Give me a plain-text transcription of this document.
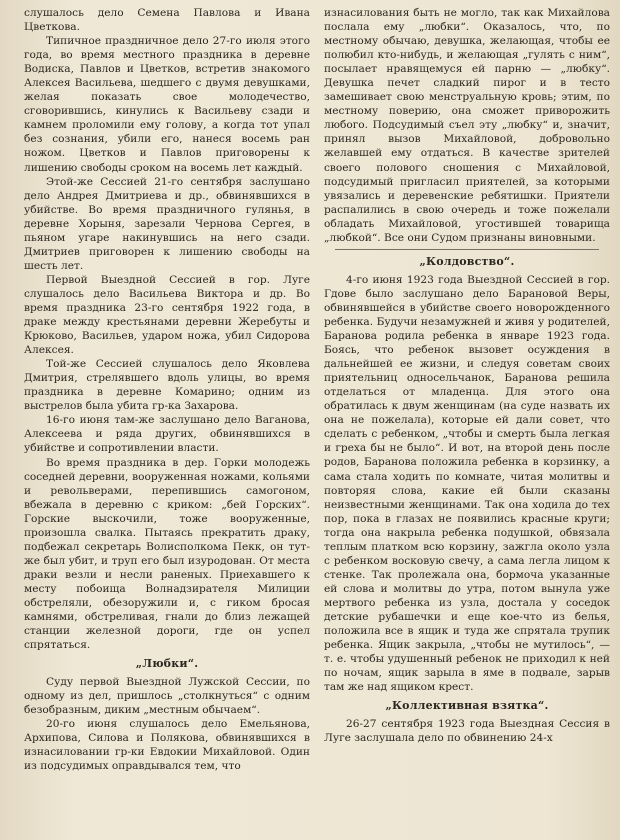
слушалось дело Семена Павлова и Ивана Цветкова.

Типичное праздничное дело 27-го июля этого года, во время местного праздника в деревне Водиска, Павлов и Цветков, встретив знакомого Алексея Васильева, шедшего с двумя девушками, желая показать свое молодечество, сговорившись, кинулись к Васильеву сзади и камнем проломили ему голову, а когда тот упал без сознания, убили его, нанеся восемь ран ножом. Цветков и Павлов приговорены к лишению свободы сроком на восемь лет каждый.

Этой-же Сессией 21-го сентября заслушано дело Андрея Дмитриева и др., обвинявшихся в убийстве. Во время праздничного гулянья, в деревне Хорыня, зарезали Чернова Сергея, в пьяном угаре накинувшись на него сзади. Дмитриев приговорен к лишению свободы на шесть лет.

Первой Выездной Сессией в гор. Луге слушалось дело Васильева Виктора и др. Во время праздника 23-го сентября 1922 года, в драке между крестьянами деревни Жеребуты и Крюково, Васильев, ударом ножа, убил Сидорова Алексея.

Той-же Сессией слушалось дело Яковлева Дмитрия, стрелявшего вдоль улицы, во время праздника в деревне Комарино; одним из выстрелов была убита гр-ка Захарова.

16-го июня там-же заслушано дело Ваганова, Алексеева и ряда других, обвинявшихся в убийстве и сопротивлении власти.

Во время праздника в дер. Горки молодежь соседней деревни, вооруженная ножами, кольями и револьверами, перепившись самогоном, вбежала в деревню с криком: „бей Горских“. Горские выскочили, тоже вооруженные, произошла свалка. Пытаясь прекратить драку, подбежал секретарь Волисполкома Пекк, он тут-же был убит, и труп его был изуродован. От места драки везли и несли раненых. Приехавшего к месту побоища Волнадзирателя Милиции обстреляли, обезоружили и, с гиком бросая камнями, обстреливая, гнали до близ лежащей станции железной дороги, где он успел спрятаться.

„Любки“.

Суду первой Выездной Лужской Сессии, по одному из дел, пришлось „столкнуться“ с одним безобразным, диким „местным обычаем“.

20-го июня слушалось дело Емельянова, Архипова, Силова и Полякова, обвинявшихся в изнасиловании гр-ки Евдокии Михайловой. Один из подсудимых оправдывался тем, что

изнасилования быть не могло, так как Михайлова послала ему „любки“. Оказалось, что, по местному обычаю, девушка, желающая, чтобы ее полюбил кто-нибудь, и желающая „гулять с ним“, посылает нравящемуся ей парню — „любку“. Девушка печет сладкий пирог и в тесто замешивает свою менструальную кровь; этим, по местному поверию, она сможет приворожить любого. Подсудимый съел эту „любку“ и, значит, принял вызов Михайловой, добровольно желавшей ему отдаться. В качестве зрителей своего полового сношения с Михайловой, подсудимый пригласил приятелей, за которыми увязались и деревенские ребятишки. Приятели распалились в свою очередь и тоже пожелали обладать Михайловой, угостившей товарища „любкой“. Все они Судом признаны виновными.

„Колдовство“.

4-го июня 1923 года Выездной Сессией в гор. Гдове было заслушано дело Барановой Веры, обвинявшейся в убийстве своего новорожденного ребенка. Будучи незамужней и живя у родителей, Баранова родила ребенка в январе 1923 года. Боясь, что ребенок вызовет осуждения в дальнейшей ее жизни, и следуя советам своих приятельниц односельчанок, Баранова решила отделаться от младенца. Для этого она обратилась к двум женщинам (на суде назвать их она не пожелала), которые ей дали совет, что сделать с ребенком, „чтобы и смерть была легкая и греха бы не было“. И вот, на второй день после родов, Баранова положила ребенка в корзинку, а сама стала ходить по комнате, читая молитвы и повторяя слова, какие ей были сказаны неизвестными женщинами. Так она ходила до тех пор, пока в глазах не появились красные круги; тогда она накрыла ребенка подушкой, обвязала теплым платком всю корзину, зажгла около узла с ребенком восковую свечу, а сама легла лицом к стенке. Так пролежала она, бормоча указанные ей слова и молитвы до утра, потом вынула уже мертвого ребенка из узла, достала у соседок детские рубашечки и еще кое-что из белья, положила все в ящик и туда же спрятала трупик ребенка. Ящик закрыла, „чтобы не мутилось“, — т. е. чтобы удушенный ребенок не приходил к ней по ночам, ящик зарыла в яме в подвале, зарыв там же над ящиком крест.

„Коллективная взятка“.

26-27 сентября 1923 года Выездная Сессия в Луге заслушала дело по обвинению 24-х
